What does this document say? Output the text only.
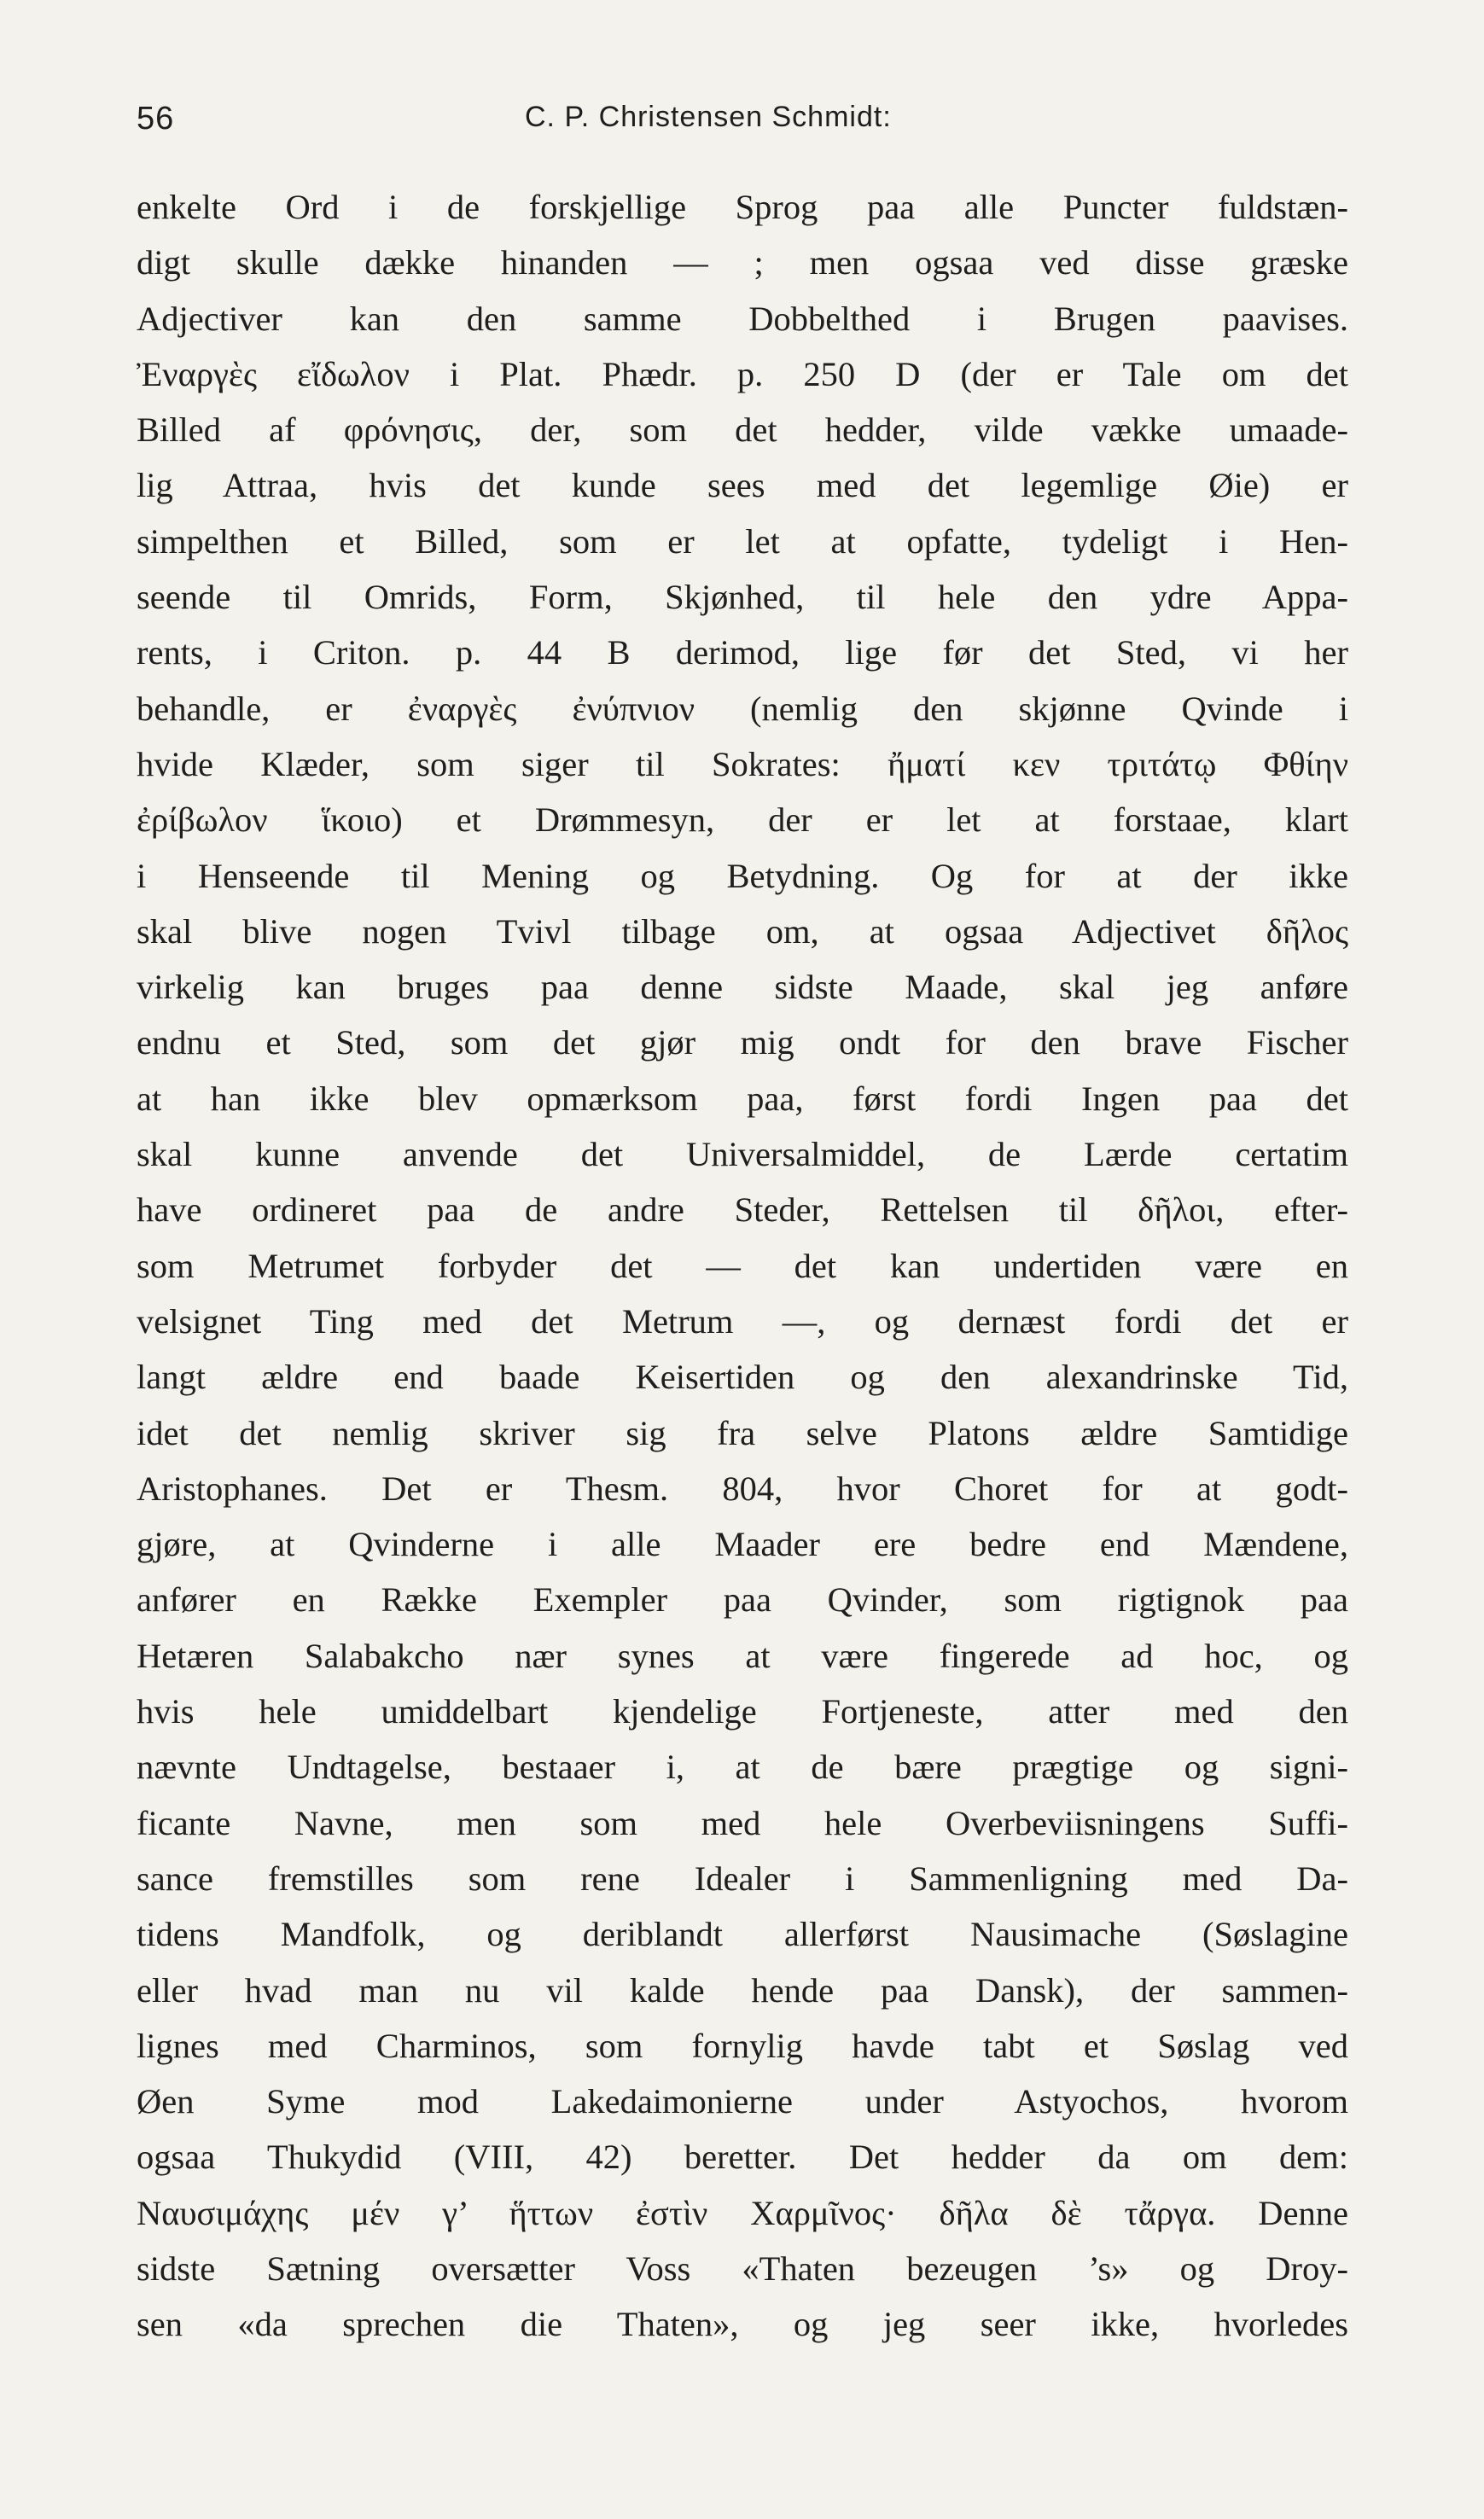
56	C. P. Christensen Schmidt:
enkelte Ord i de forskjellige Sprog paa alle Puncter fuldstæn-
digt skulle dække hinanden — ; men ogsaa ved disse græske
Adjectiver kan den samme Dobbelthed i Brugen paavises.
Ἐναργὲς εἴδωλον i Plat. Phædr. p. 250 D (der er Tale om det
Billed af φρόνησις, der, som det hedder, vilde vække umaade-
lig Attraa, hvis det kunde sees med det legemlige Øie) er
simpelthen et Billed, som er let at opfatte, tydeligt i Hen-
seende til Omrids, Form, Skjønhed, til hele den ydre Appa-
rents, i Criton. p. 44 B derimod, lige før det Sted, vi her
behandle, er ἐναργὲς ἐνύπνιον (nemlig den skjønne Qvinde i
hvide Klæder, som siger til Sokrates: ἤματί κεν τριτάτῳ Φθίην
ἐρίβωλον ἵκοιο) et Drømmesyn, der er let at forstaae, klart
i Henseende til Mening og Betydning. Og for at der ikke
skal blive nogen Tvivl tilbage om, at ogsaa Adjectivet δῆλος
virkelig kan bruges paa denne sidste Maade, skal jeg anføre
endnu et Sted, som det gjør mig ondt for den brave Fischer
at han ikke blev opmærksom paa, først fordi Ingen paa det
skal kunne anvende det Universalmiddel, de Lærde certatim
have ordineret paa de andre Steder, Rettelsen til δῆλοι, efter-
som Metrumet forbyder det — det kan undertiden være en
velsignet Ting med det Metrum —, og dernæst fordi det er
langt ældre end baade Keisertiden og den alexandrinske Tid,
idet det nemlig skriver sig fra selve Platons ældre Samtidige
Aristophanes. Det er Thesm. 804, hvor Choret for at godt-
gjøre, at Qvinderne i alle Maader ere bedre end Mændene,
anfører en Række Exempler paa Qvinder, som rigtignok paa
Hetæren Salabakcho nær synes at være fingerede ad hoc, og
hvis hele umiddelbart kjendelige Fortjeneste, atter med den
nævnte Undtagelse, bestaaer i, at de bære prægtige og signi-
ficante Navne, men som med hele Overbeviisningens Suffi-
sance fremstilles som rene Idealer i Sammenligning med Da-
tidens Mandfolk, og deriblandt allerførst Nausimache (Søslagine
eller hvad man nu vil kalde hende paa Dansk), der sammen-
lignes med Charminos, som fornylig havde tabt et Søslag ved
Øen Syme mod Lakedaimonierne under Astyochos, hvorom
ogsaa Thukydid (VIII, 42) beretter. Det hedder da om dem:
Ναυσιμάχης μέν γ’ ἥττων ἐστὶν Χαρμῖνος· δῆλα δὲ τἄργα. Denne
sidste Sætning oversætter Voss «Thaten bezeugen ’s» og Droy-
sen «da sprechen die Thaten», og jeg seer ikke, hvorledes
